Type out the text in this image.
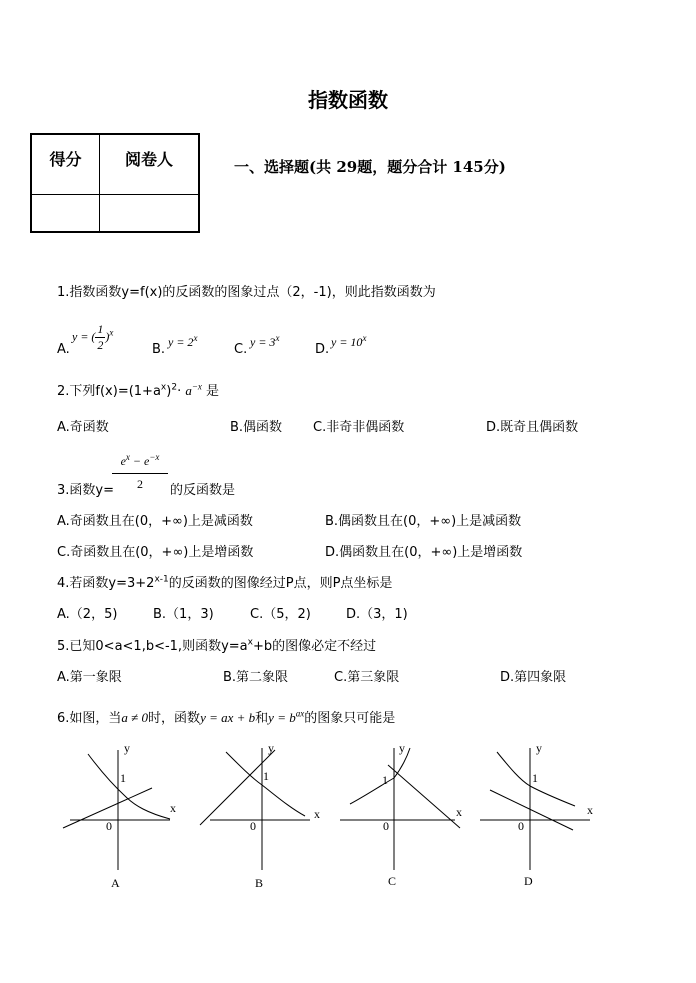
指数函数
得分	阅卷人
		一、选择题(共 29题，题分合计 145分)
1.指数函数y=f(x)的反函数的图象过点（2，-1)，则此指数函数为
A.
y = ( $\frac{1}{2} )^x$
B. $y = 2^x$
C. $y = 3^x$
D. $y = 10^x$
2.下列$f(x)=(1+a^x)^2\cdot a^{-x}$ 是
A.奇函数	B.偶函数 C.非奇非偶函数	D.既奇且偶函数
3.函数y=
$\frac{e^x - e^{-x}}{2}$ 的反函数是
A.奇函数且在(0，+∞)上是减函数	B.偶函数且在(0，+∞)上是减函数
C.奇函数且在(0，+∞)上是增函数	D.偶函数且在(0，+∞)上是增函数
4.若函数$y=3+2^{x-1}$的反函数的图像经过P点，则P点坐标是
A.（2，5)	B.（1，3)	C.（5，2)	D.（3，1)
5.已知0<a<1,b<-1,则函数$y=a^x+b$的图像必定不经过
A.第一象限	B.第二象限	C.第三象限	D.第四象限
6.如图，当a ≠ 0时，函数y = ax + b和$y = b^{ax}$的图象只可能是
y
x
1
0
A
y
x
1
0
B
y
x
1
0
C
y
x
1
0
D
